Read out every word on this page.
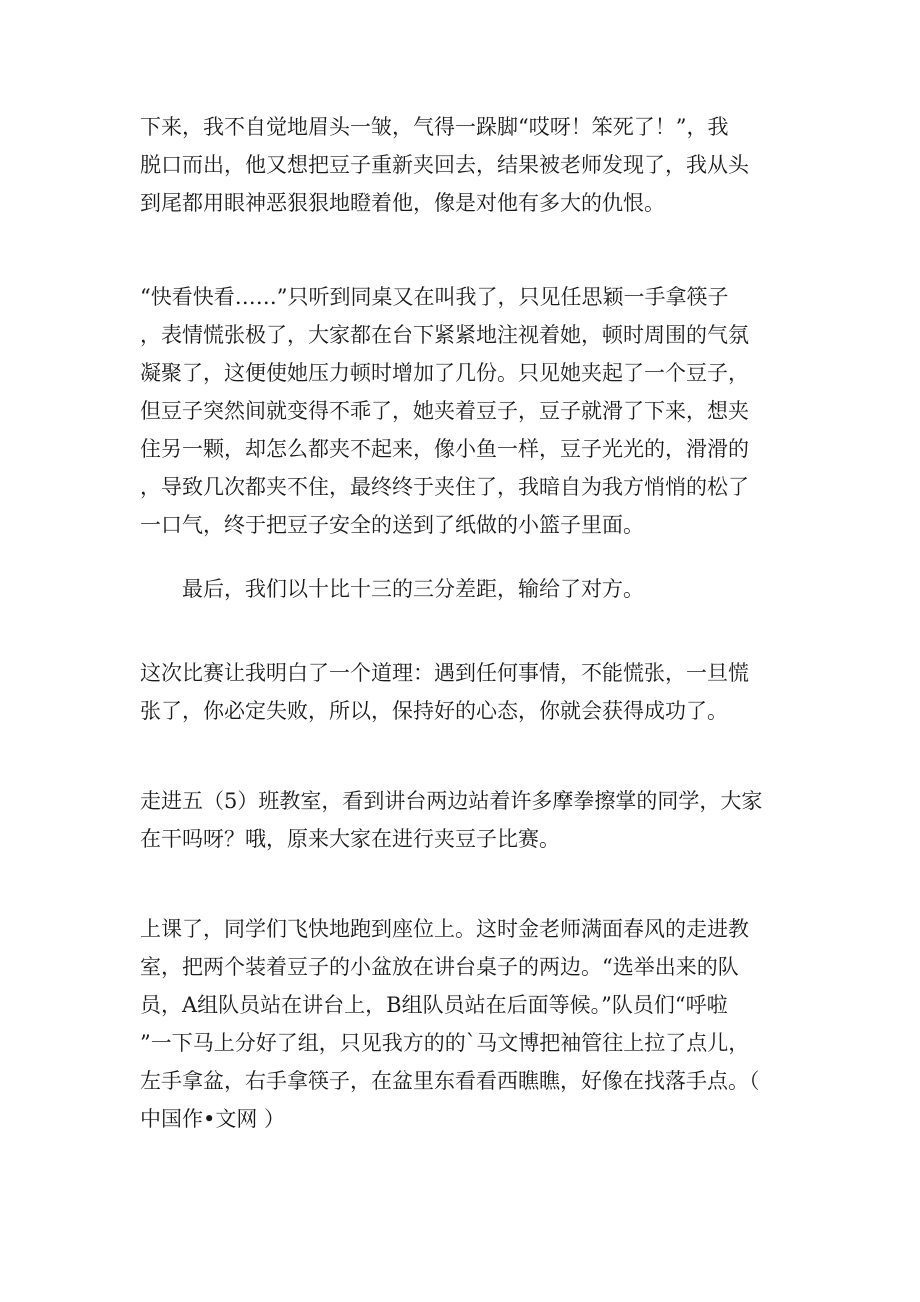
下来，我不自觉地眉头一皱，气得一跺脚“哎呀！笨死了！”，我
脱口而出，他又想把豆子重新夹回去，结果被老师发现了，我从头
到尾都用眼神恶狠狠地瞪着他，像是对他有多大的仇恨。
“快看快看……”只听到同桌又在叫我了，只见任思颖一手拿筷子
，表情慌张极了，大家都在台下紧紧地注视着她，顿时周围的气氛
凝聚了，这便使她压力顿时增加了几份。只见她夹起了一个豆子，
但豆子突然间就变得不乖了，她夹着豆子，豆子就滑了下来，想夹
住另一颗，却怎么都夹不起来，像小鱼一样，豆子光光的，滑滑的
，导致几次都夹不住，最终终于夹住了，我暗自为我方悄悄的松了
一口气，终于把豆子安全的送到了纸做的小篮子里面。
最后，我们以十比十三的三分差距，输给了对方。
这次比赛让我明白了一个道理：遇到任何事情，不能慌张，一旦慌
张了，你必定失败，所以，保持好的心态，你就会获得成功了。
走进五（5）班教室，看到讲台两边站着许多摩拳擦掌的同学，大家
在干吗呀？哦，原来大家在进行夹豆子比赛。
上课了，同学们飞快地跑到座位上。这时金老师满面春风的走进教
室，把两个装着豆子的小盆放在讲台桌子的两边。“选举出来的队
员，A组队员站在讲台上，B组队员站在后面等候。”队员们“呼啦
”一下马上分好了组，只见我方的的`马文博把袖管往上拉了点儿，
左手拿盆，右手拿筷子，在盆里东看看西瞧瞧，好像在找落手点。（
中国作•文网 ）
